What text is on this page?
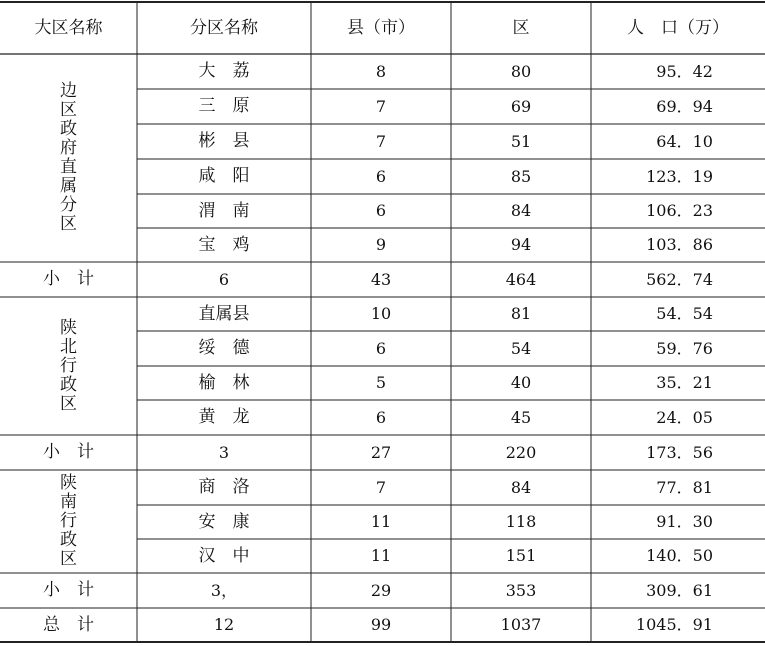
大区名称	分区名称	县（市）	区	人　口（万）
边
区
政
府
直
属
分
区
大　荔	8	80	95．42
三　原	7	69	69．94
彬　县	7	51	64．10
咸　阳	6	85	123．19
渭　南	6	84	106．23
宝　鸡	9	94	103．86
小　计	6	43	464	562．74
陕
北
行
政
区
直属县	10	81	54．54
绥　德	6	54	59．76
榆　林	5	40	35．21
黄　龙	6	45	24．05
小　计	3	27	220	173．56
陕
南
行
政
区
商　洛	7	84	77．81
安　康	11	118	91．30
汉　中	11	151	140．50
小　计	3，	29	353	309．61
总　计	12	99	1037	1045．91
